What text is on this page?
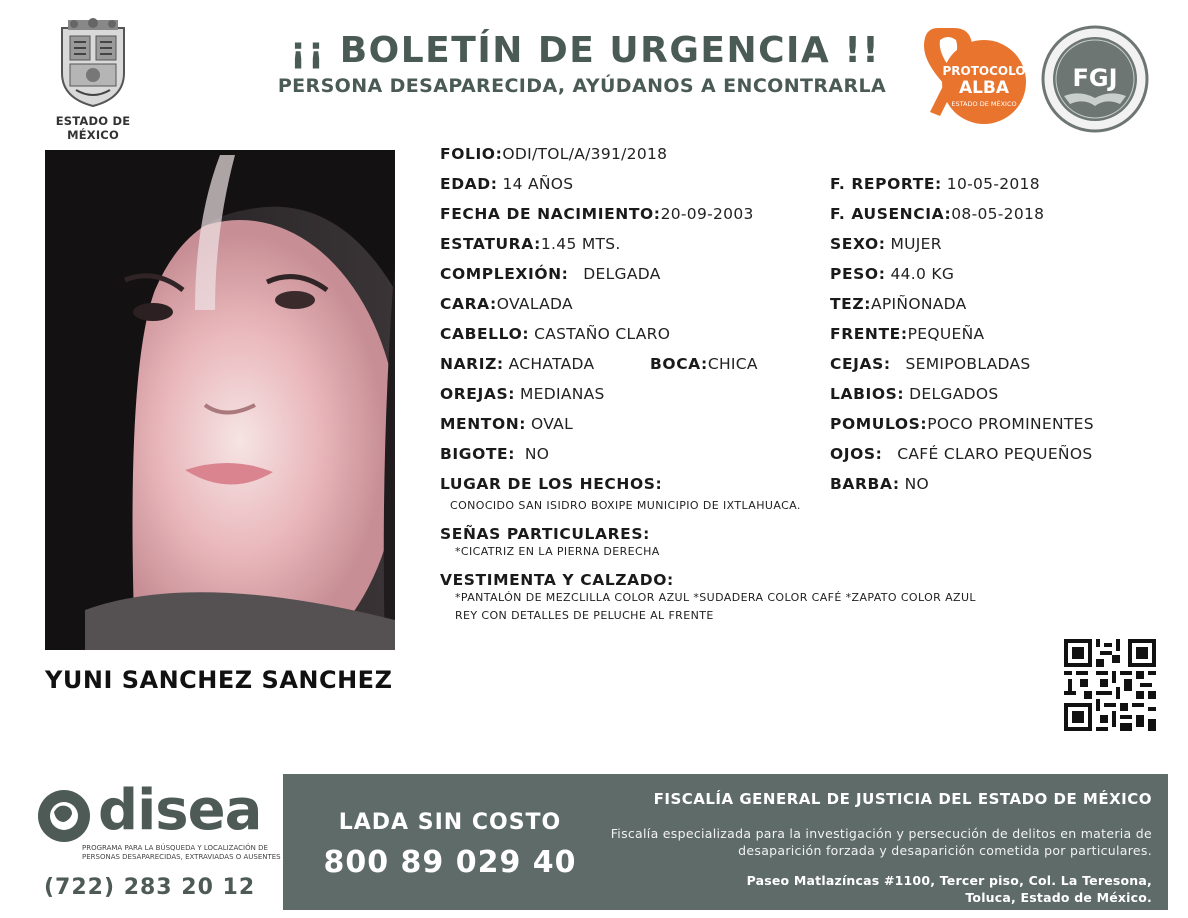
ESTADO DE MÉXICO
¡¡ BOLETÍN DE URGENCIA !!
PERSONA DESAPARECIDA, AYÚDANOS A ENCONTRARLA
PROTOCOLO
ALBA
ESTADO DE MÉXICO
FGJ
YUNI SANCHEZ SANCHEZ
FOLIO:ODI/TOL/A/391/2018
EDAD: 14 AÑOS	F. REPORTE: 10-05-2018
FECHA DE NACIMIENTO:20-09-2003	F. AUSENCIA:08-05-2018
ESTATURA:1.45 MTS.	SEXO: MUJER
COMPLEXIÓN: DELGADA	PESO: 44.0 KG
CARA:OVALADA	TEZ:APIÑONADA
CABELLO: CASTAÑO CLARO	FRENTE:PEQUEÑA
NARIZ: ACHATADA	BOCA:CHICA	CEJAS: SEMIPOBLADAS
OREJAS: MEDIANAS	LABIOS: DELGADOS
MENTON: OVAL	POMULOS:POCO PROMINENTES
BIGOTE: NO	OJOS: CAFÉ CLARO PEQUEÑOS
LUGAR DE LOS HECHOS:	BARBA: NO
CONOCIDO SAN ISIDRO BOXIPE MUNICIPIO DE IXTLAHUACA.
SEÑAS PARTICULARES:
*CICATRIZ EN LA PIERNA DERECHA
VESTIMENTA Y CALZADO:
*PANTALÓN DE MEZCLILLA COLOR AZUL *SUDADERA COLOR CAFÉ *ZAPATO COLOR AZUL
REY CON DETALLES DE PELUCHE AL FRENTE
disea
PROGRAMA PARA LA BÚSQUEDA Y LOCALIZACIÓN DE PERSONAS DESAPARECIDAS, EXTRAVIADAS O AUSENTES
(722) 283 20 12
LADA SIN COSTO
800 89 029 40
FISCALÍA GENERAL DE JUSTICIA DEL ESTADO DE MÉXICO
Fiscalía especializada para la investigación y persecución de delitos en materia de desaparición forzada y desaparición cometida por particulares.
Paseo Matlazíncas #1100, Tercer piso, Col. La Teresona,
Toluca, Estado de México.
